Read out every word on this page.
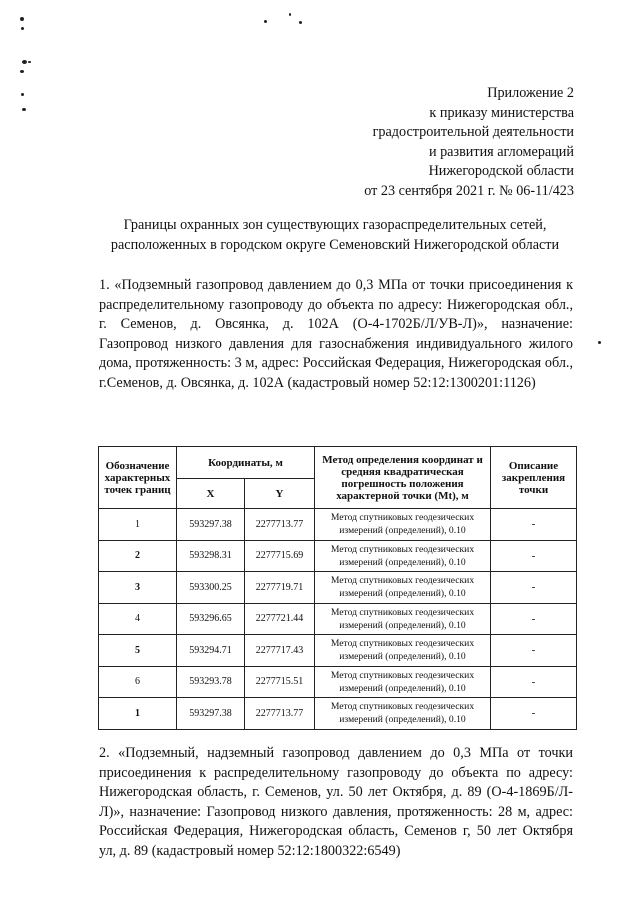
Приложение 2
к приказу министерства
градостроительной деятельности
и развития агломераций
Нижегородской области
от 23 сентября 2021 г. № 06-11/423
Границы охранных зон существующих газораспределительных сетей,
расположенных в городском округе Семеновский Нижегородской области
1. «Подземный газопровод давлением до 0,3 МПа от точки присоединения к распределительному газопроводу до объекта по адресу: Нижегородская обл., г. Семенов, д. Овсянка, д. 102А (О-4-1702Б/Л/УВ-Л)», назначение: Газопровод низкого давления для газоснабжения индивидуального жилого дома, протяженность: 3 м, адрес: Российская Федерация, Нижегородская обл., г.Семенов, д. Овсянка, д. 102А (кадастровый номер 52:12:1300201:1126)
Обозначение характерных точек границ	Координаты, м		Метод определения координат и средняя квадратическая погрешность положения характерной точки (Mt), м	Описание закрепления точки
	X	Y		
1	593297.38	2277713.77	Метод спутниковых геодезических измерений (определений), 0.10	-
2	593298.31	2277715.69	Метод спутниковых геодезических измерений (определений), 0.10	-
3	593300.25	2277719.71	Метод спутниковых геодезических измерений (определений), 0.10	-
4	593296.65	2277721.44	Метод спутниковых геодезических измерений (определений), 0.10	-
5	593294.71	2277717.43	Метод спутниковых геодезических измерений (определений), 0.10	-
6	593293.78	2277715.51	Метод спутниковых геодезических измерений (определений), 0.10	-
1	593297.38	2277713.77	Метод спутниковых геодезических измерений (определений), 0.10	-
2. «Подземный, надземный газопровод давлением до 0,3 МПа от точки присоединения к распределительному газопроводу до объекта по адресу: Нижегородская область, г. Семенов, ул. 50 лет Октября, д. 89 (О-4-1869Б/Л-Л)», назначение: Газопровод низкого давления, протяженность: 28 м, адрес: Российская Федерация, Нижегородская область, Семенов г, 50 лет Октября ул, д. 89 (кадастровый номер 52:12:1800322:6549)
